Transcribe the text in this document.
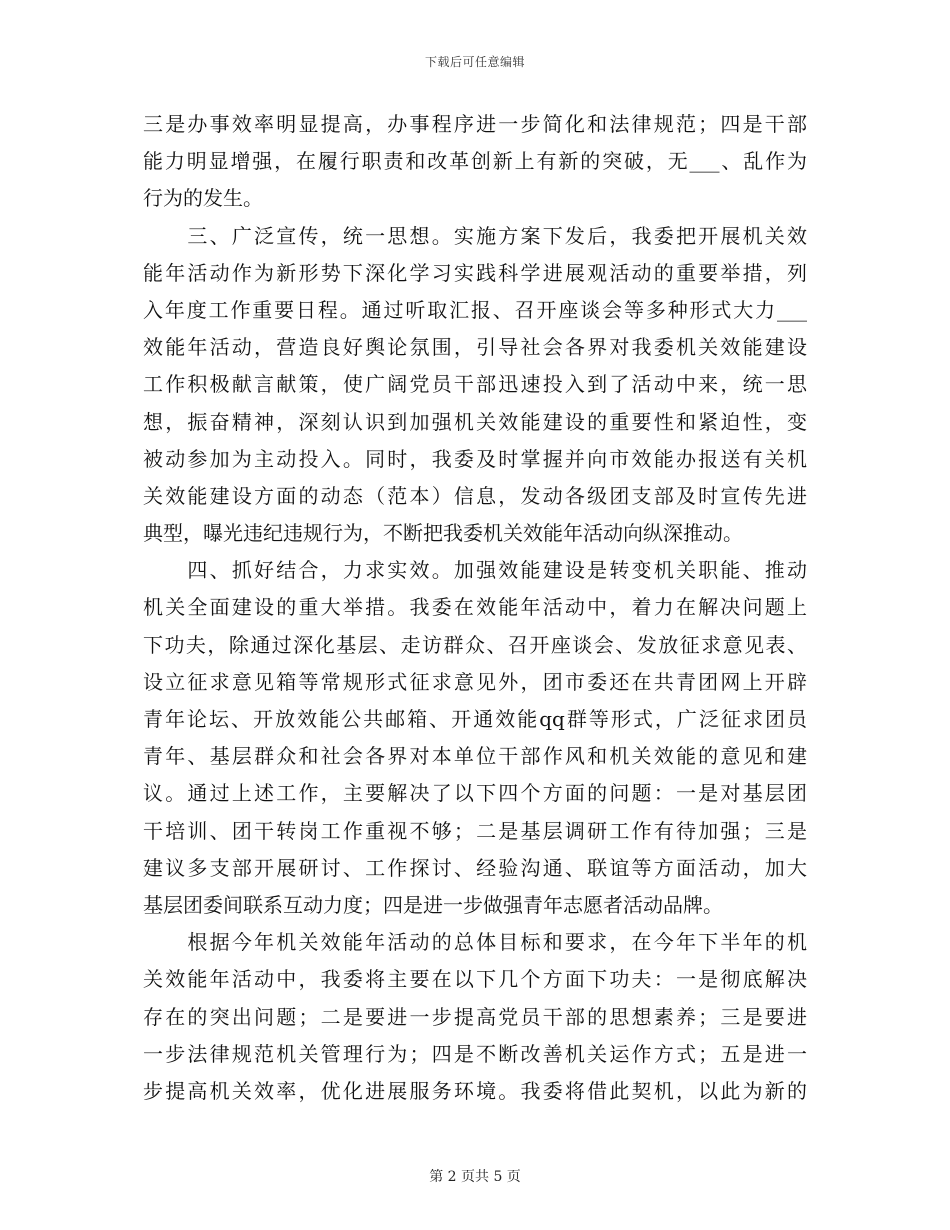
下载后可任意编辑
三是办事效率明显提高，办事程序进一步简化和法律规范；四是干部
能力明显增强，在履行职责和改革创新上有新的突破，无___、乱作为
行为的发生。
　　三、广泛宣传，统一思想。实施方案下发后，我委把开展机关效
能年活动作为新形势下深化学习实践科学进展观活动的重要举措，列
入年度工作重要日程。通过听取汇报、召开座谈会等多种形式大力___
效能年活动，营造良好舆论氛围，引导社会各界对我委机关效能建设
工作积极献言献策，使广阔党员干部迅速投入到了活动中来，统一思
想，振奋精神，深刻认识到加强机关效能建设的重要性和紧迫性，变
被动参加为主动投入。同时，我委及时掌握并向市效能办报送有关机
关效能建设方面的动态（范本）信息，发动各级团支部及时宣传先进
典型，曝光违纪违规行为，不断把我委机关效能年活动向纵深推动。
　　四、抓好结合，力求实效。加强效能建设是转变机关职能、推动
机关全面建设的重大举措。我委在效能年活动中，着力在解决问题上
下功夫，除通过深化基层、走访群众、召开座谈会、发放征求意见表、
设立征求意见箱等常规形式征求意见外，团市委还在共青团网上开辟
青年论坛、开放效能公共邮箱、开通效能qq群等形式，广泛征求团员
青年、基层群众和社会各界对本单位干部作风和机关效能的意见和建
议。通过上述工作，主要解决了以下四个方面的问题：一是对基层团
干培训、团干转岗工作重视不够；二是基层调研工作有待加强；三是
建议多支部开展研讨、工作探讨、经验沟通、联谊等方面活动，加大
基层团委间联系互动力度；四是进一步做强青年志愿者活动品牌。
　　根据今年机关效能年活动的总体目标和要求，在今年下半年的机
关效能年活动中，我委将主要在以下几个方面下功夫：一是彻底解决
存在的突出问题；二是要进一步提高党员干部的思想素养；三是要进
一步法律规范机关管理行为；四是不断改善机关运作方式；五是进一
步提高机关效率，优化进展服务环境。我委将借此契机，以此为新的
第 2 页共 5 页
